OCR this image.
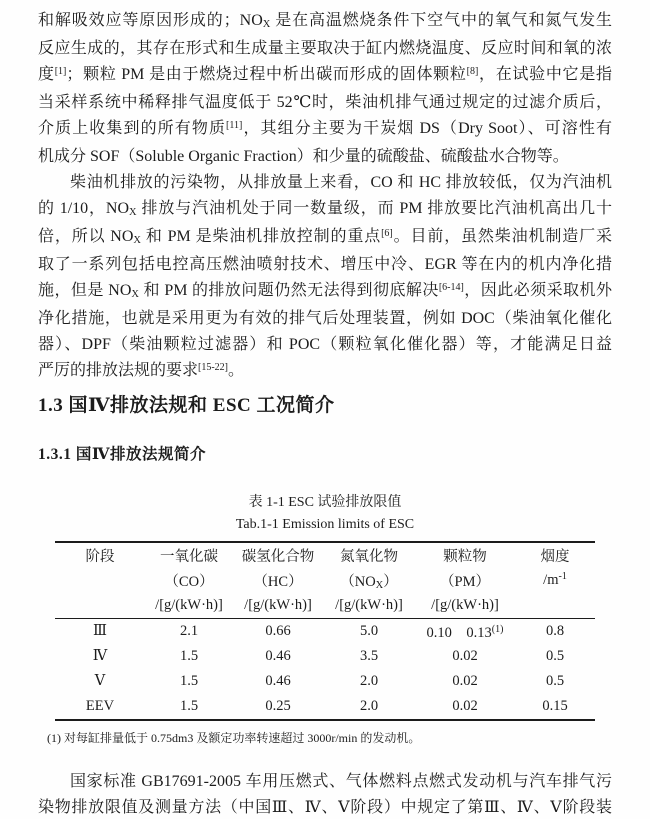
和解吸效应等原因形成的；NOX 是在高温燃烧条件下空气中的氧气和氮气发生
反应生成的，其存在形式和生成量主要取决于缸内燃烧温度、反应时间和氧的浓
度[1]；颗粒 PM 是由于燃烧过程中析出碳而形成的固体颗粒[8]，在试验中它是指
当采样系统中稀释排气温度低于 52℃时，柴油机排气通过规定的过滤介质后，
介质上收集到的所有物质[11]，其组分主要为干炭烟 DS（Dry Soot）、可溶性有
机成分 SOF（Soluble Organic Fraction）和少量的硫酸盐、硫酸盐水合物等。
柴油机排放的污染物，从排放量上来看，CO 和 HC 排放较低，仅为汽油机
的 1/10，NOX 排放与汽油机处于同一数量级，而 PM 排放要比汽油机高出几十
倍，所以 NOX 和 PM 是柴油机排放控制的重点[6]。目前，虽然柴油机制造厂采
取了一系列包括电控高压燃油喷射技术、增压中冷、EGR 等在内的机内净化措
施，但是 NOX 和 PM 的排放问题仍然无法得到彻底解决[6-14]，因此必须采取机外
净化措施，也就是采用更为有效的排气后处理装置，例如 DOC（柴油氧化催化
器）、DPF（柴油颗粒过滤器）和 POC（颗粒氧化催化器）等，才能满足日益
严厉的排放法规的要求[15-22]。
1.3 国Ⅳ排放法规和 ESC 工况简介
1.3.1 国Ⅳ排放法规简介
表 1-1 ESC 试验排放限值
Tab.1-1 Emission limits of ESC
阶段	一氧化碳	碳氢化合物	氮氧化物	颗粒物	烟度
	（CO）	（HC）	（NOX）	（PM）	$/m^{-1}$
	/[g/(kW·h)]	/[g/(kW·h)]	/[g/(kW·h)]	/[g/(kW·h)]	
Ⅲ	2.1	0.66	5.0	0.10　0.13$^{(1)}$	0.8
Ⅳ	1.5	0.46	3.5	0.02	0.5
Ⅴ	1.5	0.46	2.0	0.02	0.5
EEV	1.5	0.25	2.0	0.02	0.15
(1) 对每缸排量低于 0.75dm3 及额定功率转速超过 3000r/min 的发动机。
国家标准 GB17691-2005 车用压燃式、气体燃料点燃式发动机与汽车排气污
染物排放限值及测量方法（中国Ⅲ、Ⅳ、Ⅴ阶段）中规定了第Ⅲ、Ⅳ、Ⅴ阶段装
